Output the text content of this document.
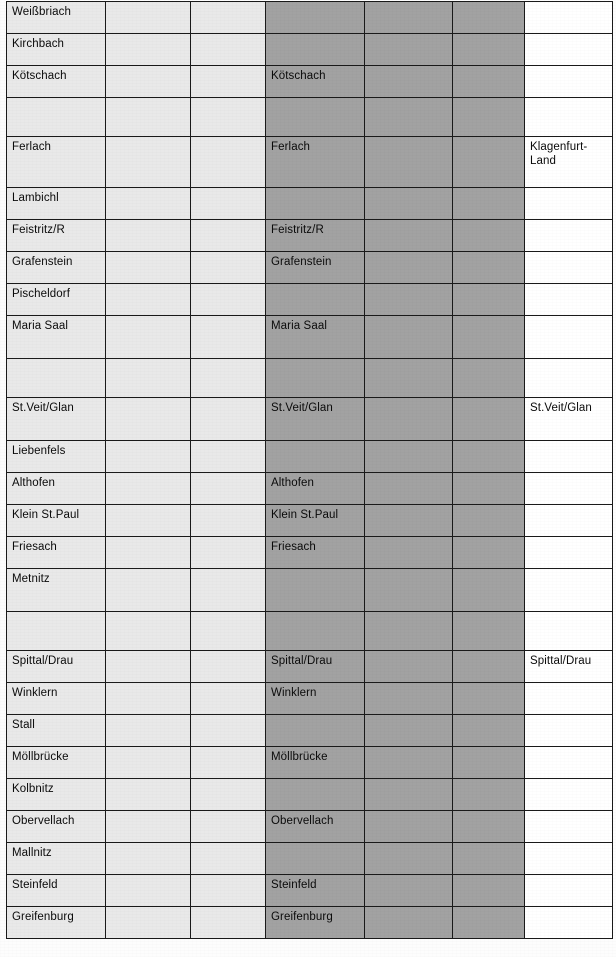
Weißbriach						

Kirchbach						

Kötschach			Kötschach			

Ferlach			Ferlach			Klagenfurt-
Land

Lambichl						

Feistritz/R			Feistritz/R			

Grafenstein			Grafenstein			

Pischeldorf						

Maria Saal			Maria Saal			

St.Veit/Glan			St.Veit/Glan			St.Veit/Glan

Liebenfels						

Althofen			Althofen			

Klein St.Paul			Klein St.Paul			

Friesach			Friesach			

Metnitz						

Spittal/Drau			Spittal/Drau			Spittal/Drau

Winklern			Winklern			

Stall						

Möllbrücke			Möllbrücke			

Kolbnitz						

Obervellach			Obervellach			

Mallnitz						

Steinfeld			Steinfeld			

Greifenburg			Greifenburg			
